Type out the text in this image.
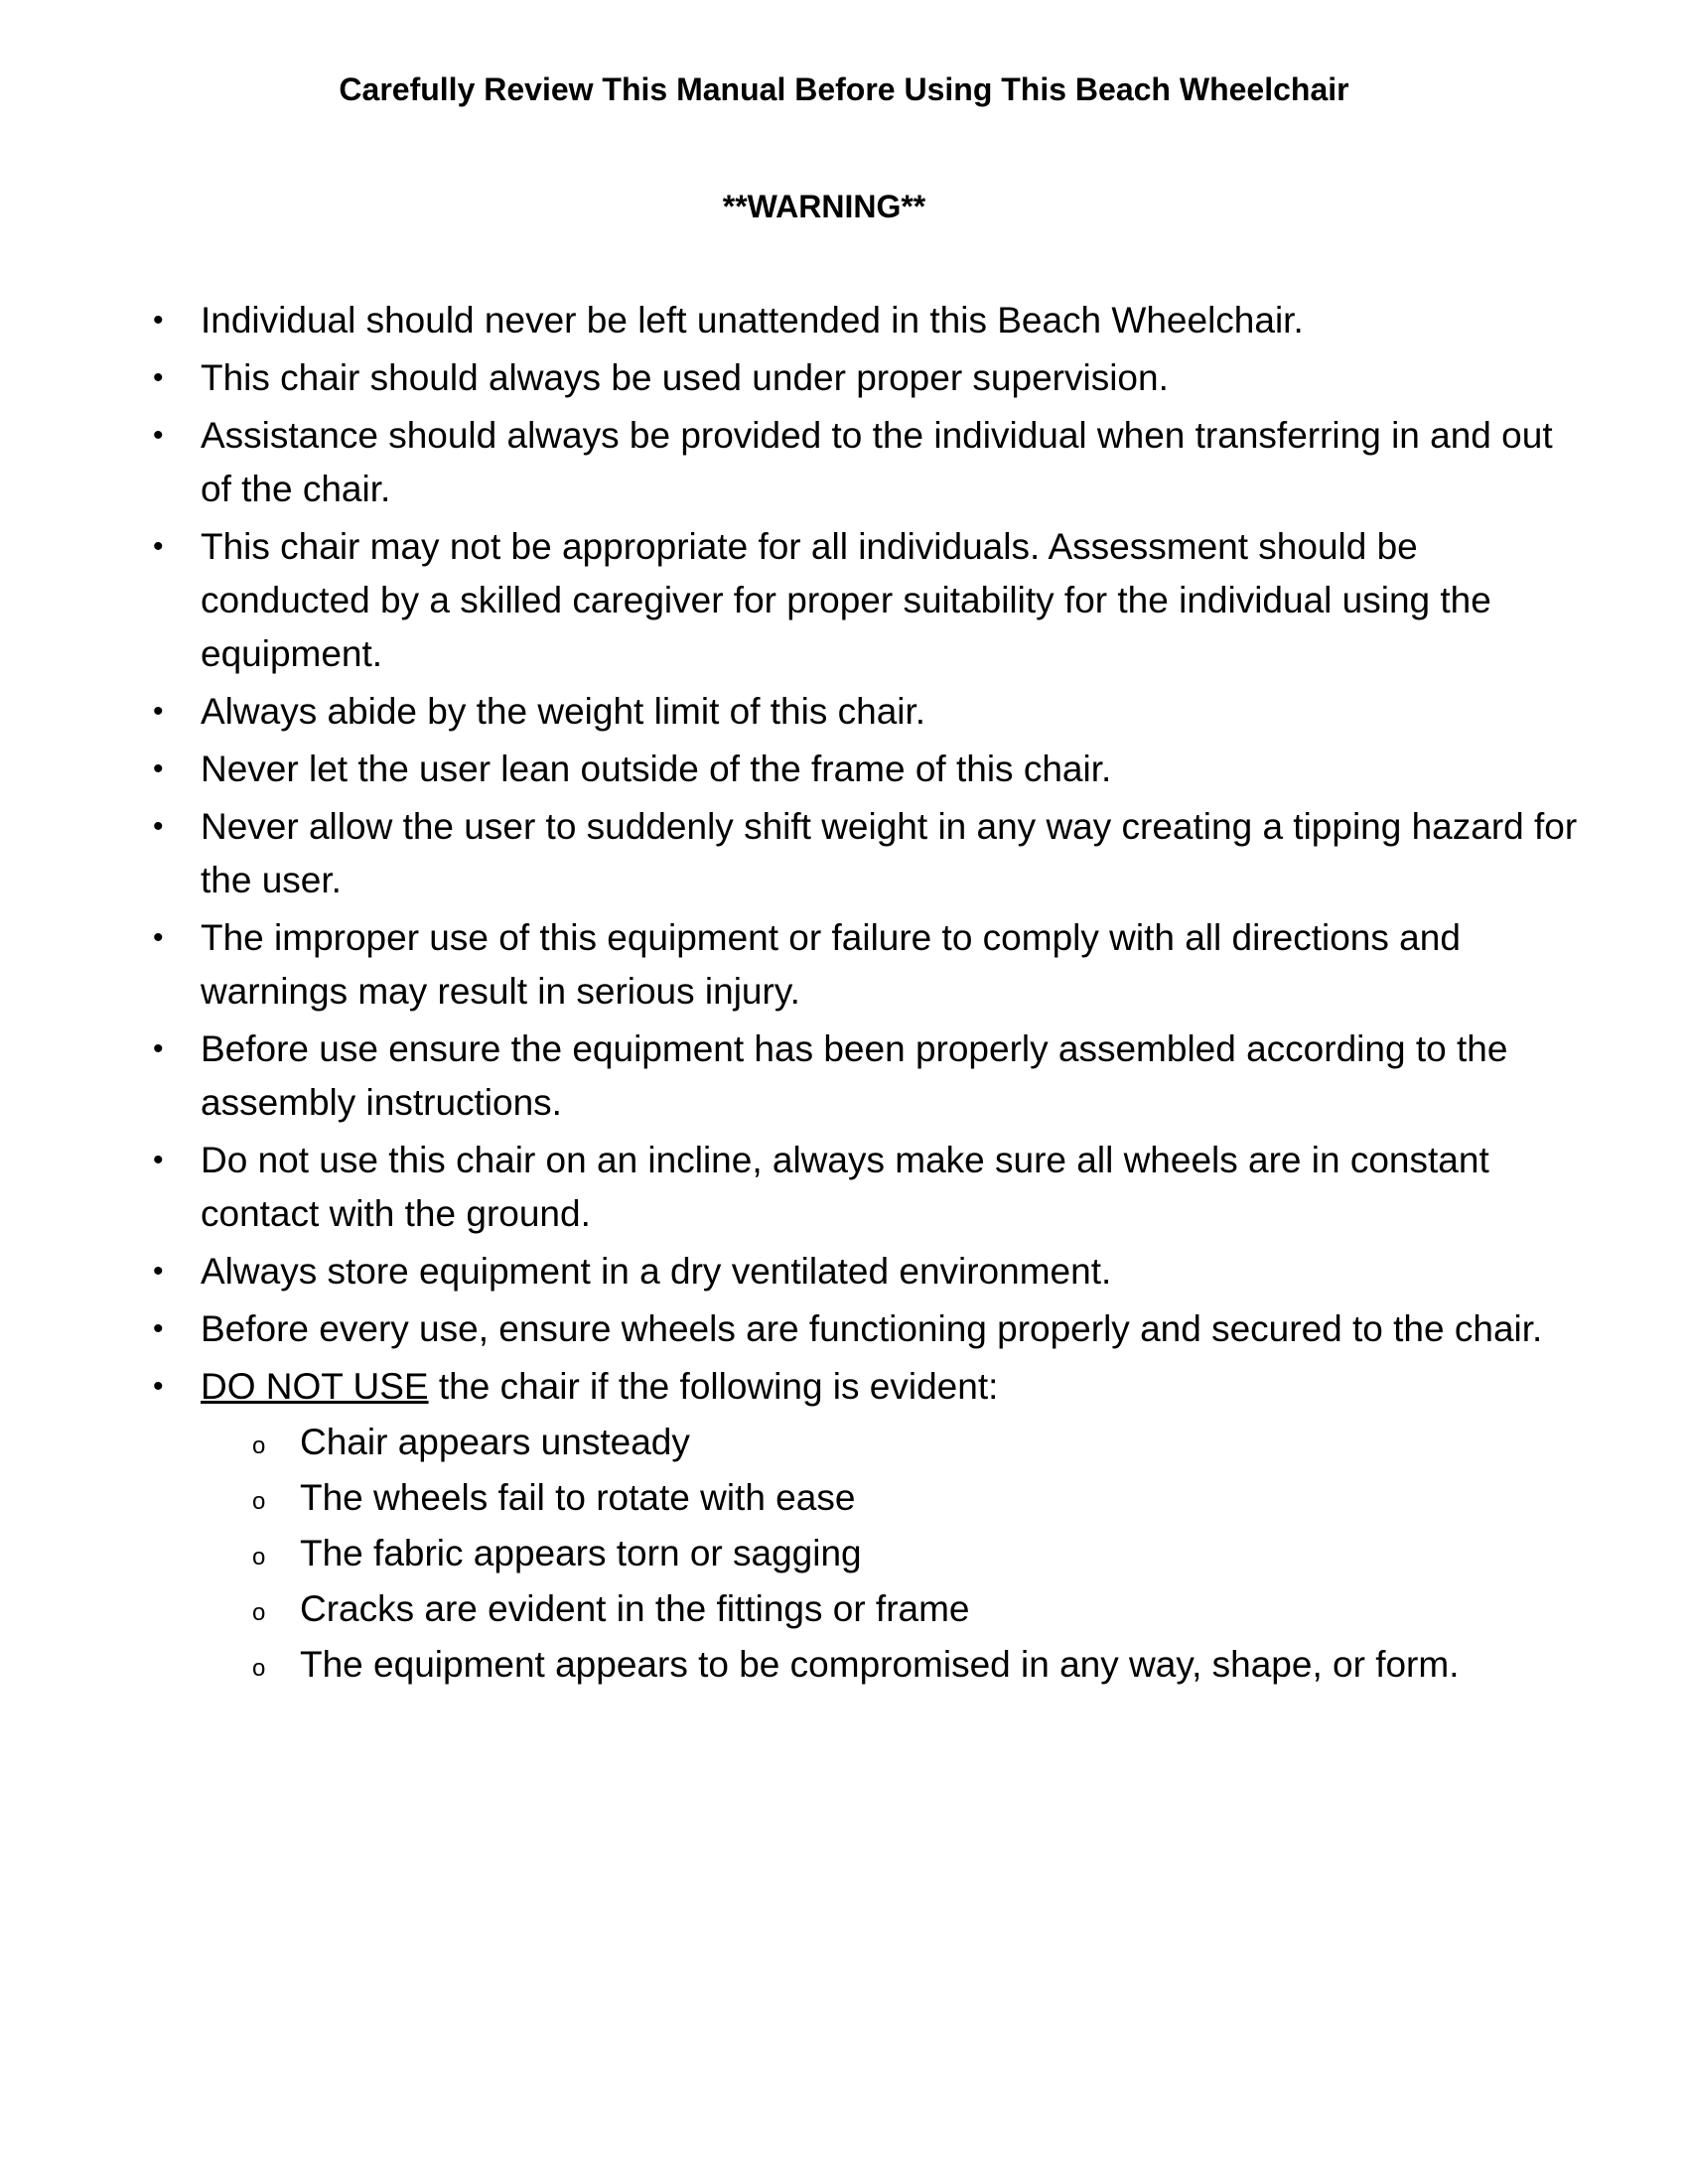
Carefully Review This Manual Before Using This Beach Wheelchair
**WARNING**
• Individual should never be left unattended in this Beach Wheelchair.
• This chair should always be used under proper supervision.
• Assistance should always be provided to the individual when transferring in and out of the chair.
• This chair may not be appropriate for all individuals. Assessment should be conducted by a skilled caregiver for proper suitability for the individual using the equipment.
• Always abide by the weight limit of this chair.
• Never let the user lean outside of the frame of this chair.
• Never allow the user to suddenly shift weight in any way creating a tipping hazard for the user.
• The improper use of this equipment or failure to comply with all directions and warnings may result in serious injury.
• Before use ensure the equipment has been properly assembled according to the assembly instructions.
• Do not use this chair on an incline, always make sure all wheels are in constant contact with the ground.
• Always store equipment in a dry ventilated environment.
• Before every use, ensure wheels are functioning properly and secured to the chair.
• DO NOT USE the chair if the following is evident:
o Chair appears unsteady
o The wheels fail to rotate with ease
o The fabric appears torn or sagging
o Cracks are evident in the fittings or frame
o The equipment appears to be compromised in any way, shape, or form.
